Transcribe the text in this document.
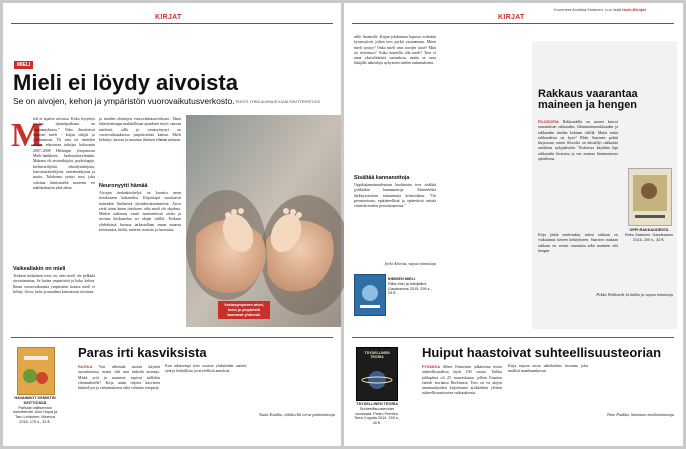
KIRJAT
MIELI
Mieli ei löydy aivoista
Se on aivojen, kehon ja ympäristön vuorovaikutusverkosto. TEKSTI JYRKI ALENIUS KUVA SHUTTERSTOCK
M

ieli ei sijaitse aivoissa. Koko kysymys mielen sijaintipaikasta on harhaanjohtava.” Näin ilmoittavat ihmisen mieli - kirjan tekijät jo johdannossa. Yli sata eri tieteiden alojen edustavaa tutkijaa kokoontui 2007–2008 Helsingin yliopistossa Mieli-hankkeen keskusteluryhmään. Mukana oli aivotutkijoita, psykologeja, kielitieteilijöitä, tekoälytutkijoita, kasvatustieteilijöitä, taiteentutkijoita ja muita. Tuloksena syntyi teos, joka valottaa ihmismieltä monesta eri näkökulmasta yhtä aikaa.

Vaikeallakin on mieli

Teoksen keskeinen teesi on, ettei mieli ole pelkkää aivotoimintaa. Se kattaa ympäristöä ja koko kehon. Ilman vuorovaikutusta ympäristön kanssa mieli ei kehity. Aivot, keho ja maailma kietoutuvat toisiinsa.

ja muiden olentojen vuorovaikutusverkosto. Tämä lähestymistapa mahdollistaa ajatuksen myös vauvan mielestä, sillä jo vastasyntynyt on vuorovaikutuksessa ympäristönsä kanssa. Mieli kehittyy, kasvaa ja muuttuu ihmisen elämän mittaan.

Neuronyytti hämää

Aivojen tiedonkäsittelyä on kuvattu usein tietokoneen kaltaiseksi. Kirjoittajat varoittavat kuitenkin liiallisesta yksinkertaistamisesta. Aivot eivät toimi kuten tietokone, eikä mieli ole ohjelma. Mielen tutkimus vaatii monitieteistä otetta ja avointa keskustelua eri alojen välillä. Teoksen yhdeksässä luvussa tarkastellaan muun muassa tietoisuutta, kieltä, tunteita, muistia ja luovuutta.

Vastasyntyneen aivot, keho ja ympäristö kasvavat yhdessä.
HAVAINNOT KEMISTIN KEITTIÖSSÄ
Parhaat valitsemani menetelmät. Aino Hopia ja Taru Lehtonen. Minerva 2015. 175 s., 32 €.
Paras irti kasviksista

RUOKA Voit vähentää suolan käyttöä ruoanlaitossa, mutta silti saat tärkeitä aromeja. Mitkä yrtit ja mausteet sopivat millekin vihannekselle? Kirja antaa ohjeita kasvisten käsittelyyn ja valmistukseen sekä valmiita reseptejä.

Kun aikaisempi tieto ruoasta yhdistetään uuteen, syntyy herkullisia ja terveellisiä annoksia.

Tuula Koukku, eläkkeellä oleva päätoimittaja
Koonneet Annikka Mutanen. Luo lisää tiede.fi/kirjat
KIRJAT

selle luonnolle. Kirjan johdannon lopussa esitetään kysymyksiä, joihin teos pyrkii vastaamaan. Miten mieli syntyy? Onko mieli vain aivojen tuote? Mitä on tietoisuus? Voiko koneella olla mieli? Teos ei anna yksiselitteisiä vastauksia, mutta se avaa lukijalle näköaloja nykyiseen mielen tutkimukseen.

Sisältää kannanottoja

Oppikirjamaisuudestaan huolimatta teos sisältää jyrkkiäkin kannanottoja. Esimerkiksi älykkyystestien mittaamista kritisoidaan. ”On perusteetonta, epätieteellistä ja epäeettistä esittää väitteitä mielen perusluonteesta.”

Jyrki Alenius, vapaa toimittaja
IHMISEN MIELI
Riitta Hari ja tutkijatiimi. Gaudeamus 2015. 295 s., 29 €.
Rakkaus vaarantaa maineen ja hengen

FILOSOFIA Rakkaudella on monet kasvot romanttisen rakkauden, lähimmäisenrakkauden ja rakkauden itseään kohtaan välillä. Mutta mistä rakkaudessa on kyse? Rhéo Saarinen pohtii kirjassaan, miten filosofia on käsitellyt rakkautta antiikista nykypäivään. Teoksessa käydään läpi rakkauden historiaa ja sen asemaa länsimaisessa ajattelussa.

OPPI RAKKAUDESTA
Rhéo Saarinen. Gaudeamus 2015. 200 s., 32 €.

Kirja jättää miettimään, miten rakkaus on vaikuttanut tieteen kehitykseen. Saarisen mukaan rakkaus on voinut vaarantaa sekä maineen että hengen.

Pekka Wahlstedt, kriitikko ja vapaa toimittaja
TÄYDELLINEN TEORIA
TÄYDELLINEN TEORIA
Suhteellisuusteorian vuosisata. Pedro Ferreira. Terra Cognita 2014. 293 s., 40 €.
Huiput haastoivat suhteellisuusteorian

FYSIIKKA Albert Einsteinin julkaisema teoria suhteellisuudesta täytti 100 vuotta. Tarkka juhlapäivä oli 25. marraskuuta, jolloin Einstein esitteli teoriansa Berliinissä. Teos on eri alojen asiantuntijoiden kirjoittamia artikkeleita yleisen suhteellisuusteorian vaikutuksesta.

Kirja tarjoaa uusia näkökulmia teoriaan, joka mullisti maailmankuvan.

Timo Paukku, Sanoman mediatoimittaja
